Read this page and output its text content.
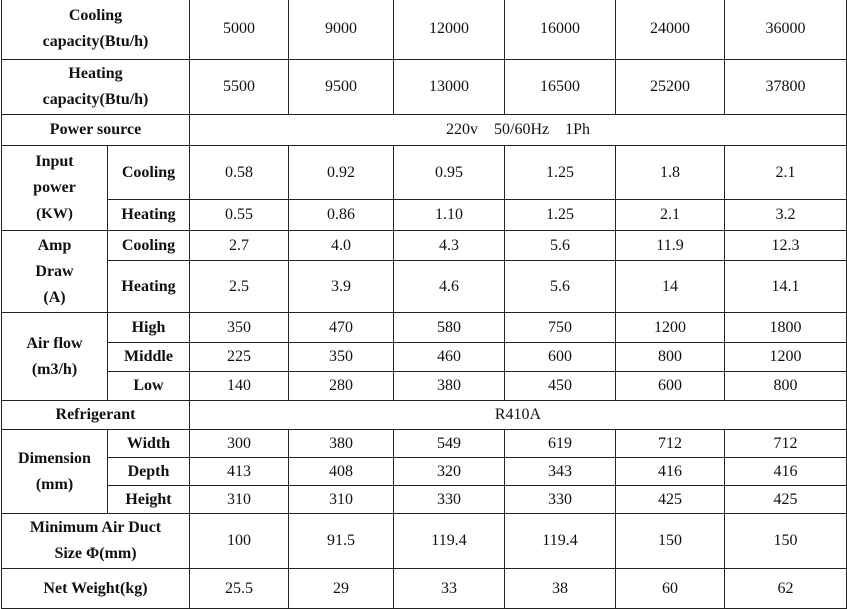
Cooling
capacity(Btu/h)		5000	9000	12000	16000	24000	36000
Heating
capacity(Btu/h)		5500	9500	13000	16500	25200	37800
Power source		220v    50/60Hz    1Ph					
Input
power
(KW)	Cooling	0.58	0.92	0.95	1.25	1.8	2.1
	Heating	0.55	0.86	1.10	1.25	2.1	3.2
Amp
Draw
(A)	Cooling	2.7	4.0	4.3	5.6	11.9	12.3
	Heating	2.5	3.9	4.6	5.6	14	14.1
Air flow
(m3/h)	High	350	470	580	750	1200	1800
	Middle	225	350	460	600	800	1200
	Low	140	280	380	450	600	800
Refrigerant		R410A					
Dimension
(mm)	Width	300	380	549	619	712	712
	Depth	413	408	320	343	416	416
	Height	310	310	330	330	425	425
Minimum Air Duct
Size Φ(mm)		100	91.5	119.4	119.4	150	150
Net Weight(kg)		25.5	29	33	38	60	62
